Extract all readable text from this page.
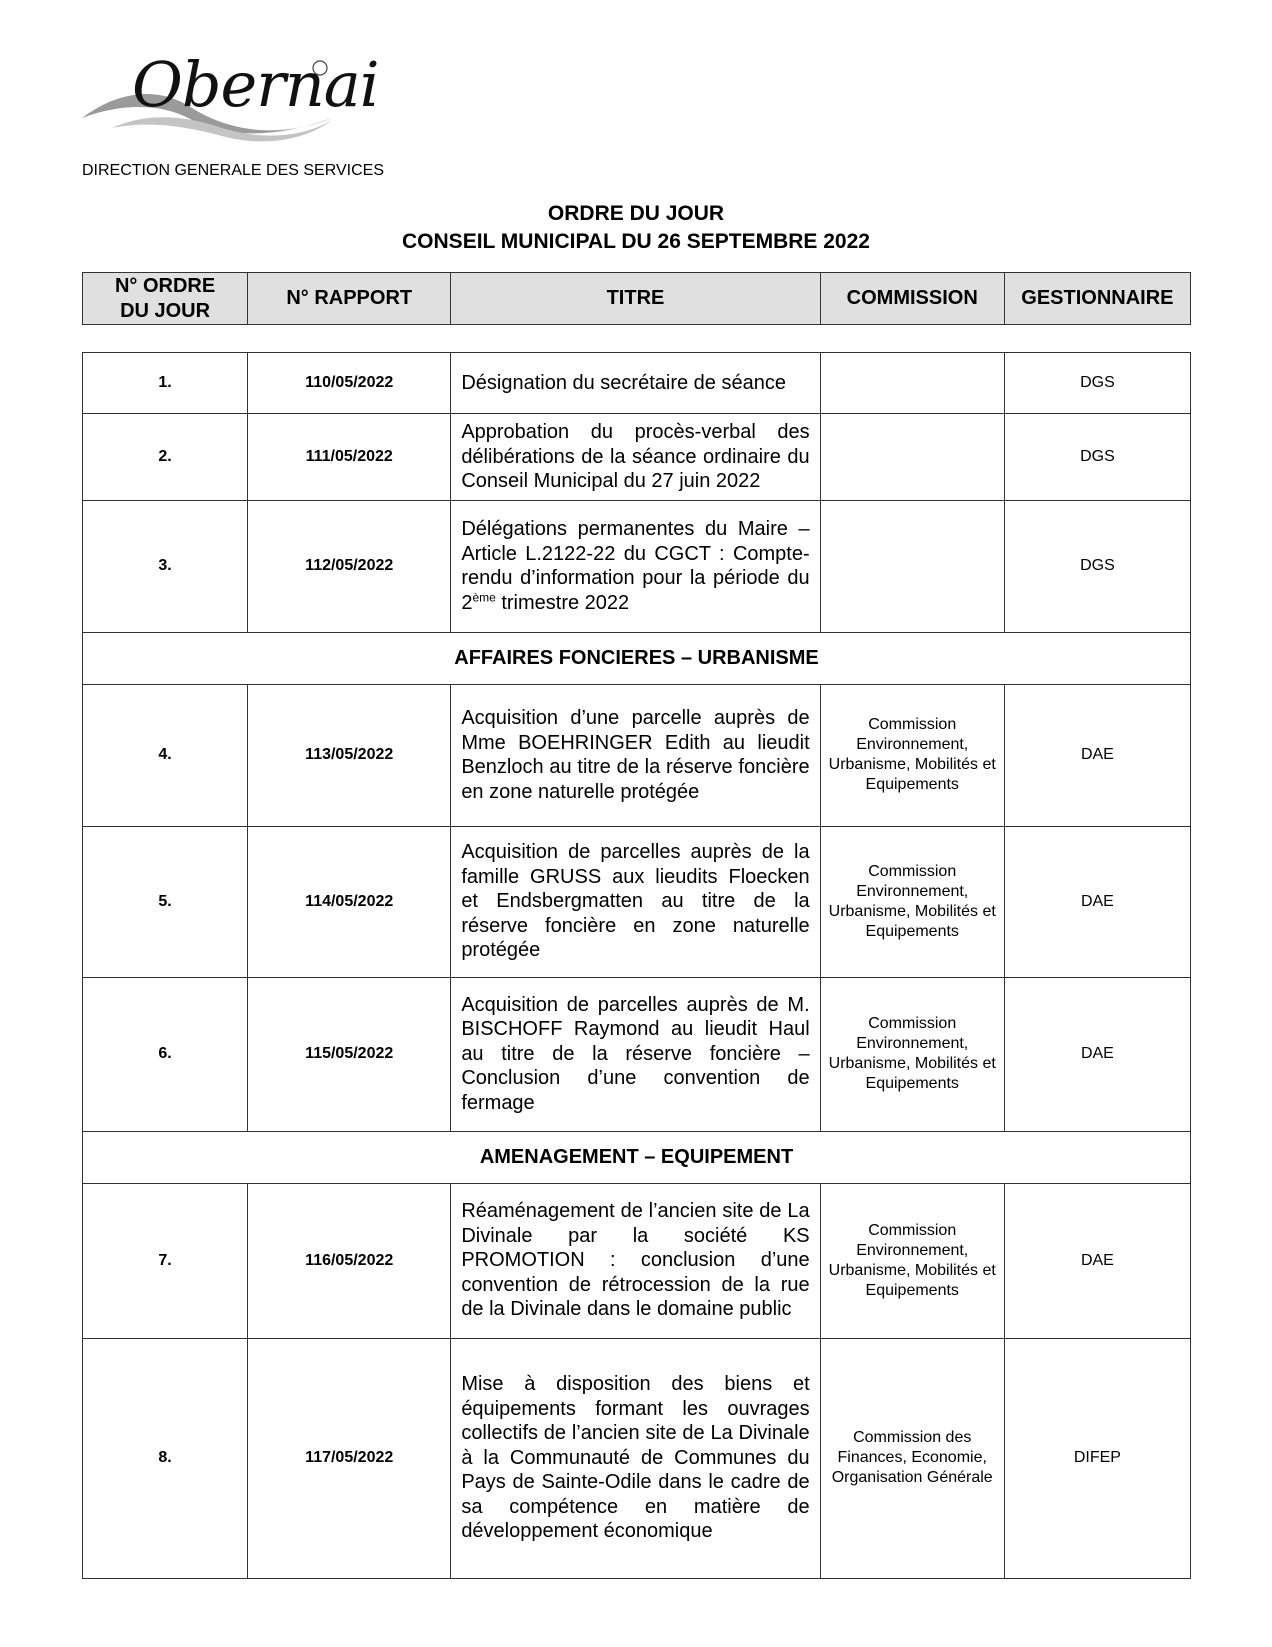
Obernai
DIRECTION GENERALE DES SERVICES
ORDRE DU JOUR
CONSEIL MUNICIPAL DU 26 SEPTEMBRE 2022
N° ORDRE
DU JOUR	N° RAPPORT	TITRE	COMMISSION	GESTIONNAIRE
1.	110/05/2022	Désignation du secrétaire de séance		DGS
2.	111/05/2022	Approbation du procès-verbal des délibérations de la séance ordinaire du Conseil Municipal du 27 juin 2022		DGS
3.	112/05/2022	Délégations permanentes du Maire – Article L.2122-22 du CGCT : Compte-rendu d’information pour la période du 2ème trimestre 2022		DGS
AFFAIRES FONCIERES – URBANISME				
4.	113/05/2022	Acquisition d’une parcelle auprès de Mme BOEHRINGER Edith au lieudit Benzloch au titre de la réserve foncière en zone naturelle protégée	Commission Environnement, Urbanisme, Mobilités et Equipements	DAE
5.	114/05/2022	Acquisition de parcelles auprès de la famille GRUSS aux lieudits Floecken et Endsbergmatten au titre de la réserve foncière en zone naturelle protégée	Commission Environnement, Urbanisme, Mobilités et Equipements	DAE
6.	115/05/2022	Acquisition de parcelles auprès de M. BISCHOFF Raymond au lieudit Haul au titre de la réserve foncière – Conclusion d’une convention de fermage	Commission Environnement, Urbanisme, Mobilités et Equipements	DAE
AMENAGEMENT – EQUIPEMENT				
7.	116/05/2022	Réaménagement de l’ancien site de La Divinale par la société KS PROMOTION : conclusion d’une convention de rétrocession de la rue de la Divinale dans le domaine public	Commission Environnement, Urbanisme, Mobilités et Equipements	DAE
8.	117/05/2022	Mise à disposition des biens et équipements formant les ouvrages collectifs de l’ancien site de La Divinale à la Communauté de Communes du Pays de Sainte-Odile dans le cadre de sa compétence en matière de développement économique	Commission des Finances, Economie, Organisation Générale	DIFEP
